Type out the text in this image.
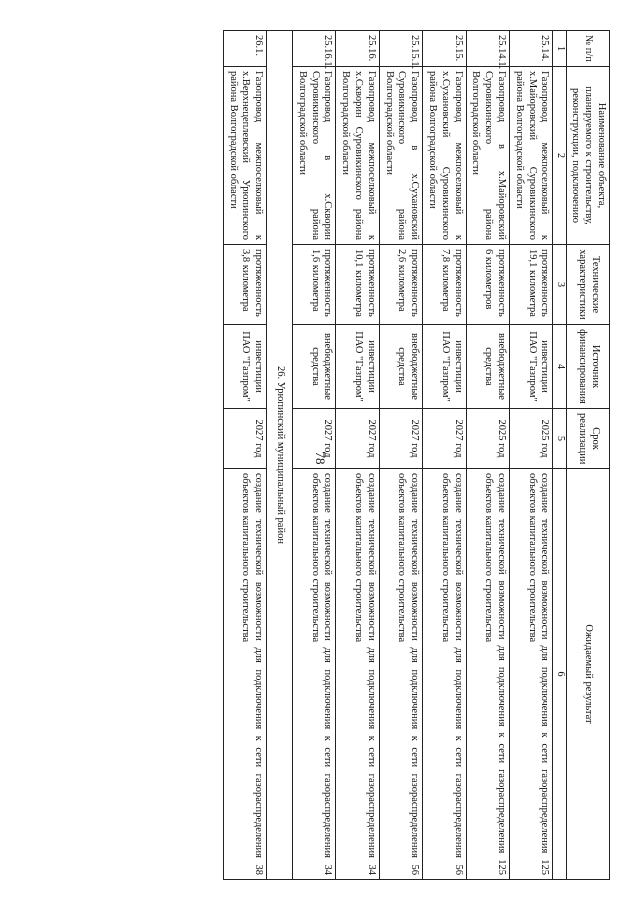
78
№ п/п	Наименование объекта, планируемого к строительству, реконструкции, подключению	Технические характеристики	Источник финансирования	Срок реализации	Ожидаемый результат
1	2	3	4	5	6
25.14.	Газопровод межпоселковый к х.Майоровский Суровикинского района Волгоградской области	протяженность 19,1 километра	инвестиции ПАО "Газпром"	2025 год	создание технической возможности для подключения к сети газораспределения 125 объектов капитального строительства
25.14.1.	Газопровод в х.Майоровский Суровикинского района Волгоградской области	протяженность 6 километров	внебюджетные средства	2025 год	создание технической возможности для подключения к сети газораспределения 125 объектов капитального строительства
25.15.	Газопровод межпоселковый к х.Сухановский Суровикинского района Волгоградской области	протяженность 7,8 километра	инвестиции ПАО "Газпром"	2027 год	создание технической возможности для подключения к сети газораспределения 56 объектов капитального строительства
25.15.1.	Газопровод в х.Сухановский Суровикинского района Волгоградской области	протяженность 2,6 километра	внебюджетные средства	2027 год	создание технической возможности для подключения к сети газораспределения 56 объектов капитального строительства
25.16.	Газопровод межпоселковый к х.Скворин Суровикинского района Волгоградской области	протяженность 10,1 километра	инвестиции ПАО "Газпром"	2027 год	создание технической возможности для подключения к сети газораспределения 34 объектов капитального строительства
25.16.1.	Газопровод в х.Скворин Суровикинского района Волгоградской области	протяженность 1,6 километра	внебюджетные средства	2027 год	создание технической возможности для подключения к сети газораспределения 34 объектов капитального строительства
26. Урюпинский муниципальный район					
26.1.	Газопровод межпоселковый к х.Верхнецеплевский Урюпинского района Волгоградской области	протяженность 3,8 километра	инвестиции ПАО "Газпром"	2027 год	создание технической возможности для подключения к сети газораспределения 38 объектов капитального строительства
